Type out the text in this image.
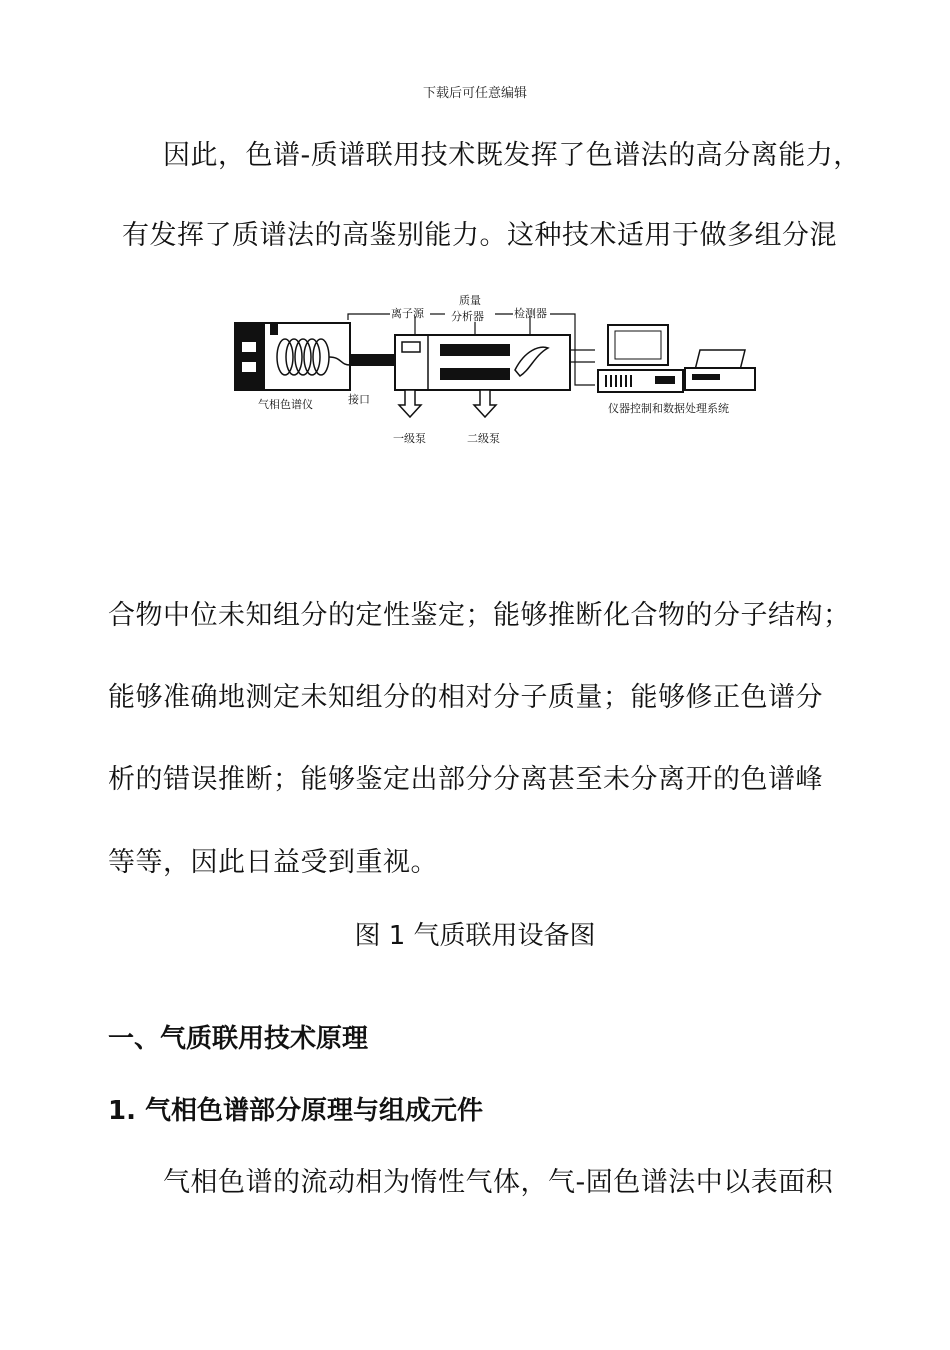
下载后可任意编辑
因此，色谱-质谱联用技术既发挥了色谱法的高分离能力，
有发挥了质谱法的高鉴别能力。这种技术适用于做多组分混
离子源
质量
分析器	检测器
气相色谱仪	接口
一级泵	二级泵
仪器控制和数据处理系统
合物中位未知组分的定性鉴定；能够推断化合物的分子结构；
能够准确地测定未知组分的相对分子质量；能够修正色谱分
析的错误推断；能够鉴定出部分分离甚至未分离开的色谱峰
等等，因此日益受到重视。
图 1 气质联用设备图
一、气质联用技术原理
1. 气相色谱部分原理与组成元件
气相色谱的流动相为惰性气体，气-固色谱法中以表面积
